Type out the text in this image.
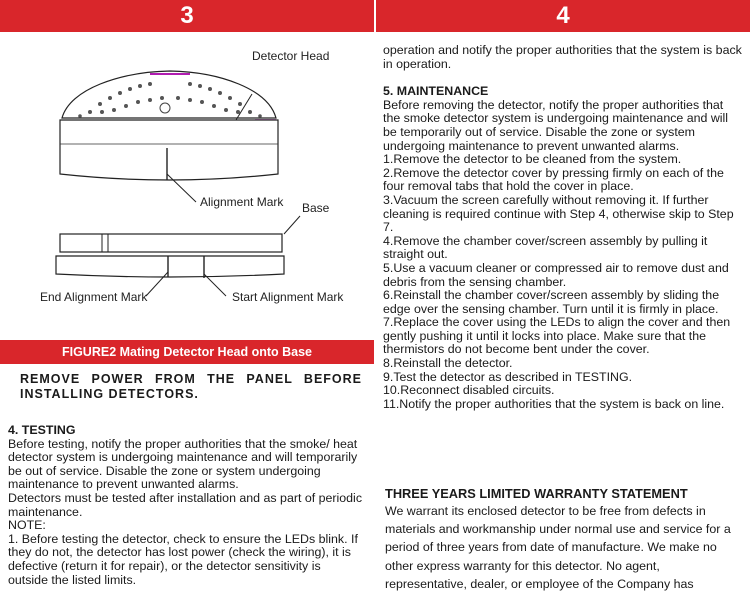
3	4
Detector Head
Alignment Mark Base
End Alignment Mark	Start Alignment Mark
FIGURE2 Mating Detector Head onto Base
REMOVE POWER FROM THE PANEL BEFORE INSTALLING DETECTORS.
4. TESTING
Before testing, notify the proper authorities that the smoke/ heat detector system is undergoing maintenance and will temporarily be out of service. Disable the zone or system undergoing maintenance to prevent unwanted alarms.
Detectors must be tested after installation and as part of periodic maintenance.
NOTE:
1. Before testing the detector, check to ensure the LEDs blink. If they do not, the detector has lost power (check the wiring), it is defective (return it for repair), or the detector sensitivity is outside the listed limits.
operation and notify the proper authorities that the system is back in operation.
5. MAINTENANCE
Before removing the detector, notify the proper authorities that the smoke detector system is undergoing maintenance and will be temporarily out of service. Disable the zone or system undergoing maintenance to prevent unwanted alarms.
1.Remove the detector to be cleaned from the system.
2.Remove the detector cover by pressing firmly on each of the four removal tabs that hold the cover in place.
3.Vacuum the screen carefully without removing it. If further cleaning is required continue with Step 4, otherwise skip to Step 7.
4.Remove the chamber cover/screen assembly by pulling it straight out.
5.Use a vacuum cleaner or compressed air to remove dust and debris from the sensing chamber.
6.Reinstall the chamber cover/screen assembly by sliding the edge over the sensing chamber. Turn until it is firmly in place.
7.Replace the cover using the LEDs to align the cover and then gently pushing it until it locks into place. Make sure that the thermistors do not become bent under the cover.
8.Reinstall the detector.
9.Test the detector as described in TESTING.
10.Reconnect disabled circuits.
11.Notify the proper authorities that the system is back on line.
THREE YEARS LIMITED WARRANTY STATEMENT
We warrant its enclosed detector to be free from defects in materials and workmanship under normal use and service for a period of three years from date of manufacture. We make no other express warranty for this detector. No agent, representative, dealer, or employee of the Company has
